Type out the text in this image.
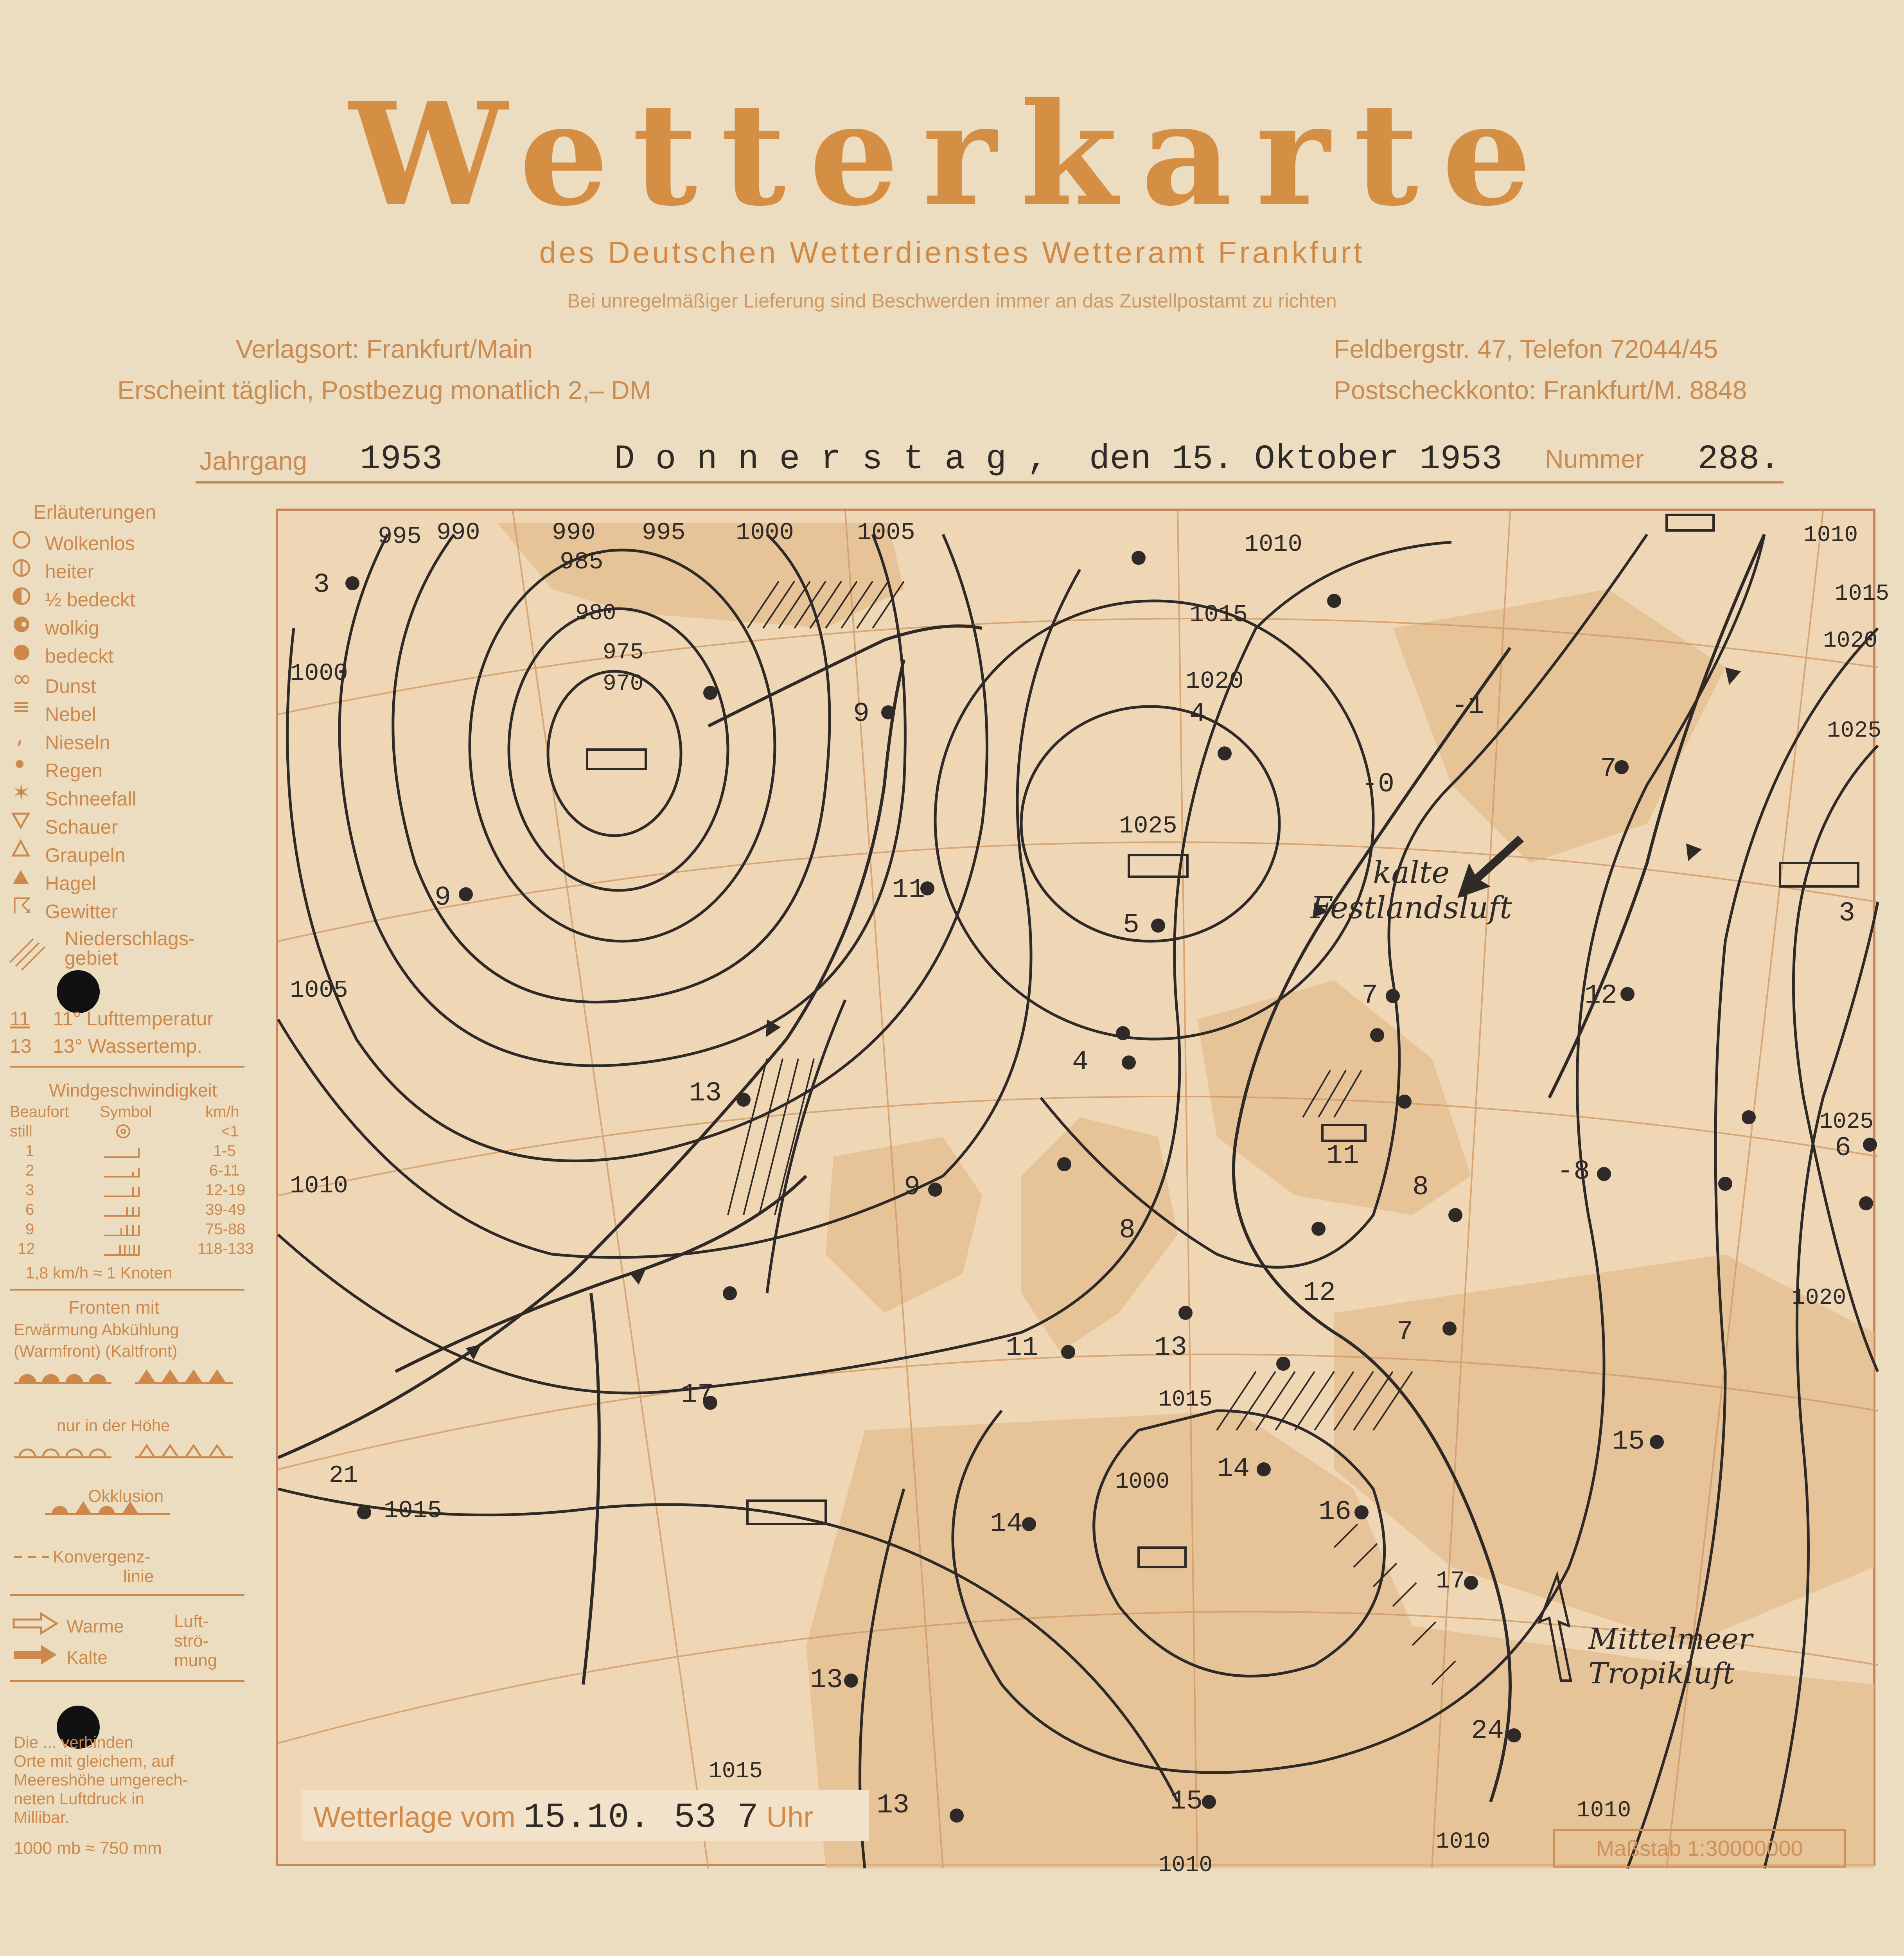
Wetterkarte
des Deutschen Wetterdienstes Wetteramt Frankfurt
Bei unregelmäßiger Lieferung sind Beschwerden immer an das Zustellpostamt zu richten
Verlagsort: Frankfurt/Main
Erscheint täglich, Postbezug monatlich 2,– DM
Feldbergstr. 47, Telefon 72044/45
Postscheckkonto: Frankfurt/M. 8848
Jahrgang 1953	D o n n e r s t a g ,  den 15. Oktober 1953 Nummer 288.
Erläuterungen
Wolkenlos
heiter
½ bedeckt
wolkig
bedeckt
∞
≡
,
✶
☈
Dunst
Nebel
Nieseln
Regen
Schneefall
Schauer
Graupeln
Hagel
Gewitter
Niederschlags-
gebiet
11 11° Lufttemperatur
13 13° Wassertemp.
Windgeschwindigkeit
Beaufort Symbol	km/h
still	<1
1	1-5
2	6-11
3	12-19
6	39-49
9	75-88
12	118-133
1,8 km/h ≈ 1 Knoten
Fronten mit
Erwärmung Abkühlung
(Warmfront) (Kaltfront)
nur in der Höhe
Okklusion
Konvergenz-
linie
Warme
Kalte
Luft-
strö-
mung
Die ... verbinden
Orte mit gleichem, auf
Meereshöhe umgerech-
neten Luftdruck in
Millibar.
1000 mb ≈ 750 mm
995 990	990
985
995 1000	1005
980
975
970
1000
1005
1010
1010
1015
1020
1025
1010
1015
1020
1025
1025
1020
1015
1010
1000
1015
1010
1015
1010
3
9
9
11
5
4	-1
7
-0
7	12
3
13
9
4
11
8
8
12
6
11	13
17
7
21
14
14
16
15
17
13
13	15
24
-8
kalte
Festlandsluft
Mittelmeer
Tropikluft
Wetterlage vom 15.10. 53 7 Uhr
Maßstab 1:30000000
